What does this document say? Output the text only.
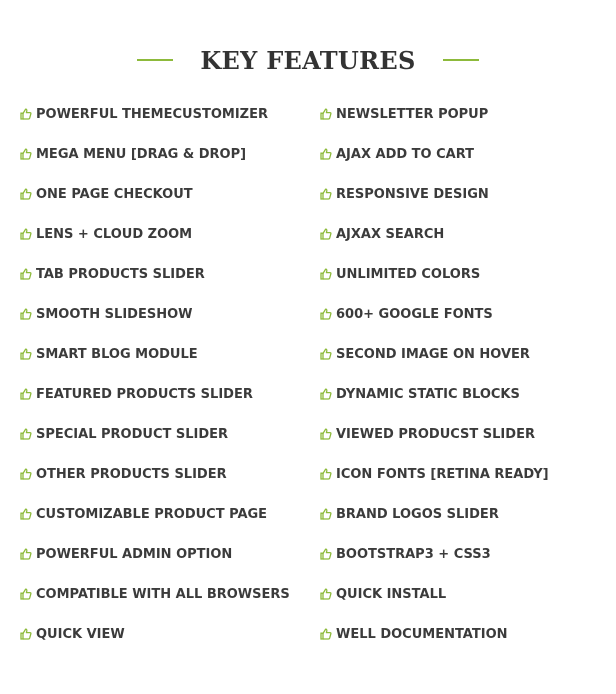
KEY FEATURES
POWERFUL THEMECUSTOMIZER
MEGA MENU [DRAG & DROP]
ONE PAGE CHECKOUT
LENS + CLOUD ZOOM
TAB PRODUCTS SLIDER
SMOOTH SLIDESHOW
SMART BLOG MODULE
FEATURED PRODUCTS SLIDER
SPECIAL PRODUCT SLIDER
OTHER PRODUCTS SLIDER
CUSTOMIZABLE PRODUCT PAGE
POWERFUL ADMIN OPTION
COMPATIBLE WITH ALL BROWSERS
QUICK VIEW
NEWSLETTER POPUP
AJAX ADD TO CART
RESPONSIVE DESIGN
AJXAX SEARCH
UNLIMITED COLORS
600+ GOOGLE FONTS
SECOND IMAGE ON HOVER
DYNAMIC STATIC BLOCKS
VIEWED PRODUCST SLIDER
ICON FONTS [RETINA READY]
BRAND LOGOS SLIDER
BOOTSTRAP3 + CSS3
QUICK INSTALL
WELL DOCUMENTATION
